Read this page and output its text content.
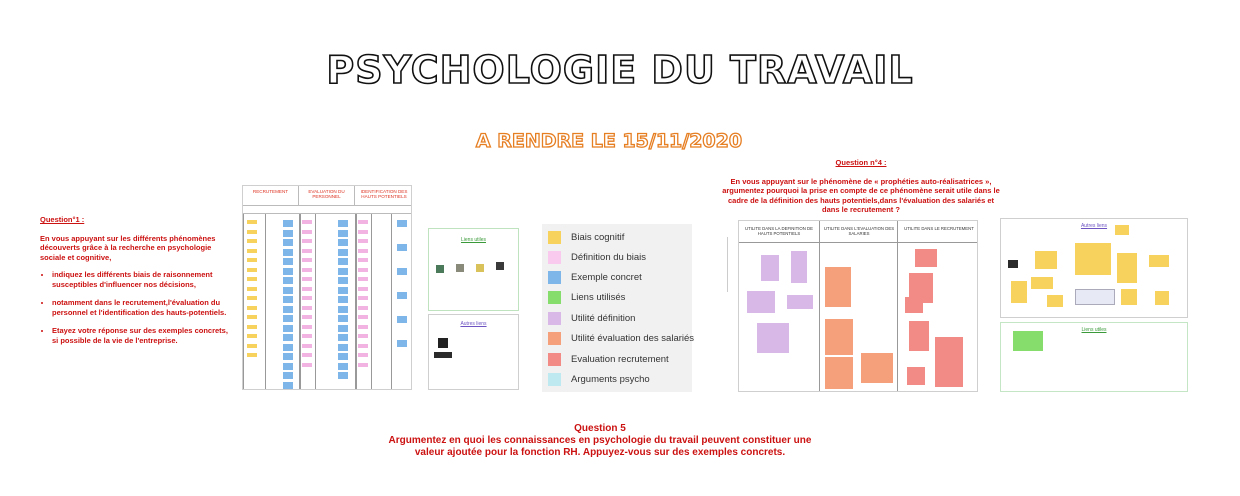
PSYCHOLOGIE DU TRAVAIL
A RENDRE LE 15/11/2020
Question°1 :
En vous appuyant sur les différents phénomènes découverts grâce à la recherche en psychologie sociale et cognitive,
• indiquez les différents biais de raisonnement susceptibles d'influencer nos décisions,
• notamment dans le recrutement,l'évaluation du personnel et l'identification des hauts-potentiels.
• Etayez votre réponse sur des exemples concrets, si possible de la vie de l'entreprise.
RECRUTEMENT	EVALUATION DU PERSONNEL
IDENTIFICATION DES HAUTS POTENTIELS
Liens utiles
Autres liens
Biais cognitif
Définition du biais
Exemple concret
Liens utilisés
Utilité définition
Utilité évaluation des salariés
Evaluation recrutement
Arguments psycho
Question n°4 :
En vous appuyant sur le phénomène de « prophéties auto-réalisatrices », argumentez pourquoi la prise en compte de ce phénomène serait utile dans le cadre de la définition des hauts potentiels,dans l'évaluation des salariés et dans le recrutement ?
UTILITE DANS LA DEFINITION DE HAUTS POTENTIELS
UTILITE DANS L'EVALUATION DES SALARIES
UTILITE DANS LE RECRUTEMENT	Autres liens
Liens utiles
Question 5
Argumentez en quoi les connaissances en psychologie du travail peuvent constituer une valeur ajoutée pour la fonction RH. Appuyez-vous sur des exemples concrets.
